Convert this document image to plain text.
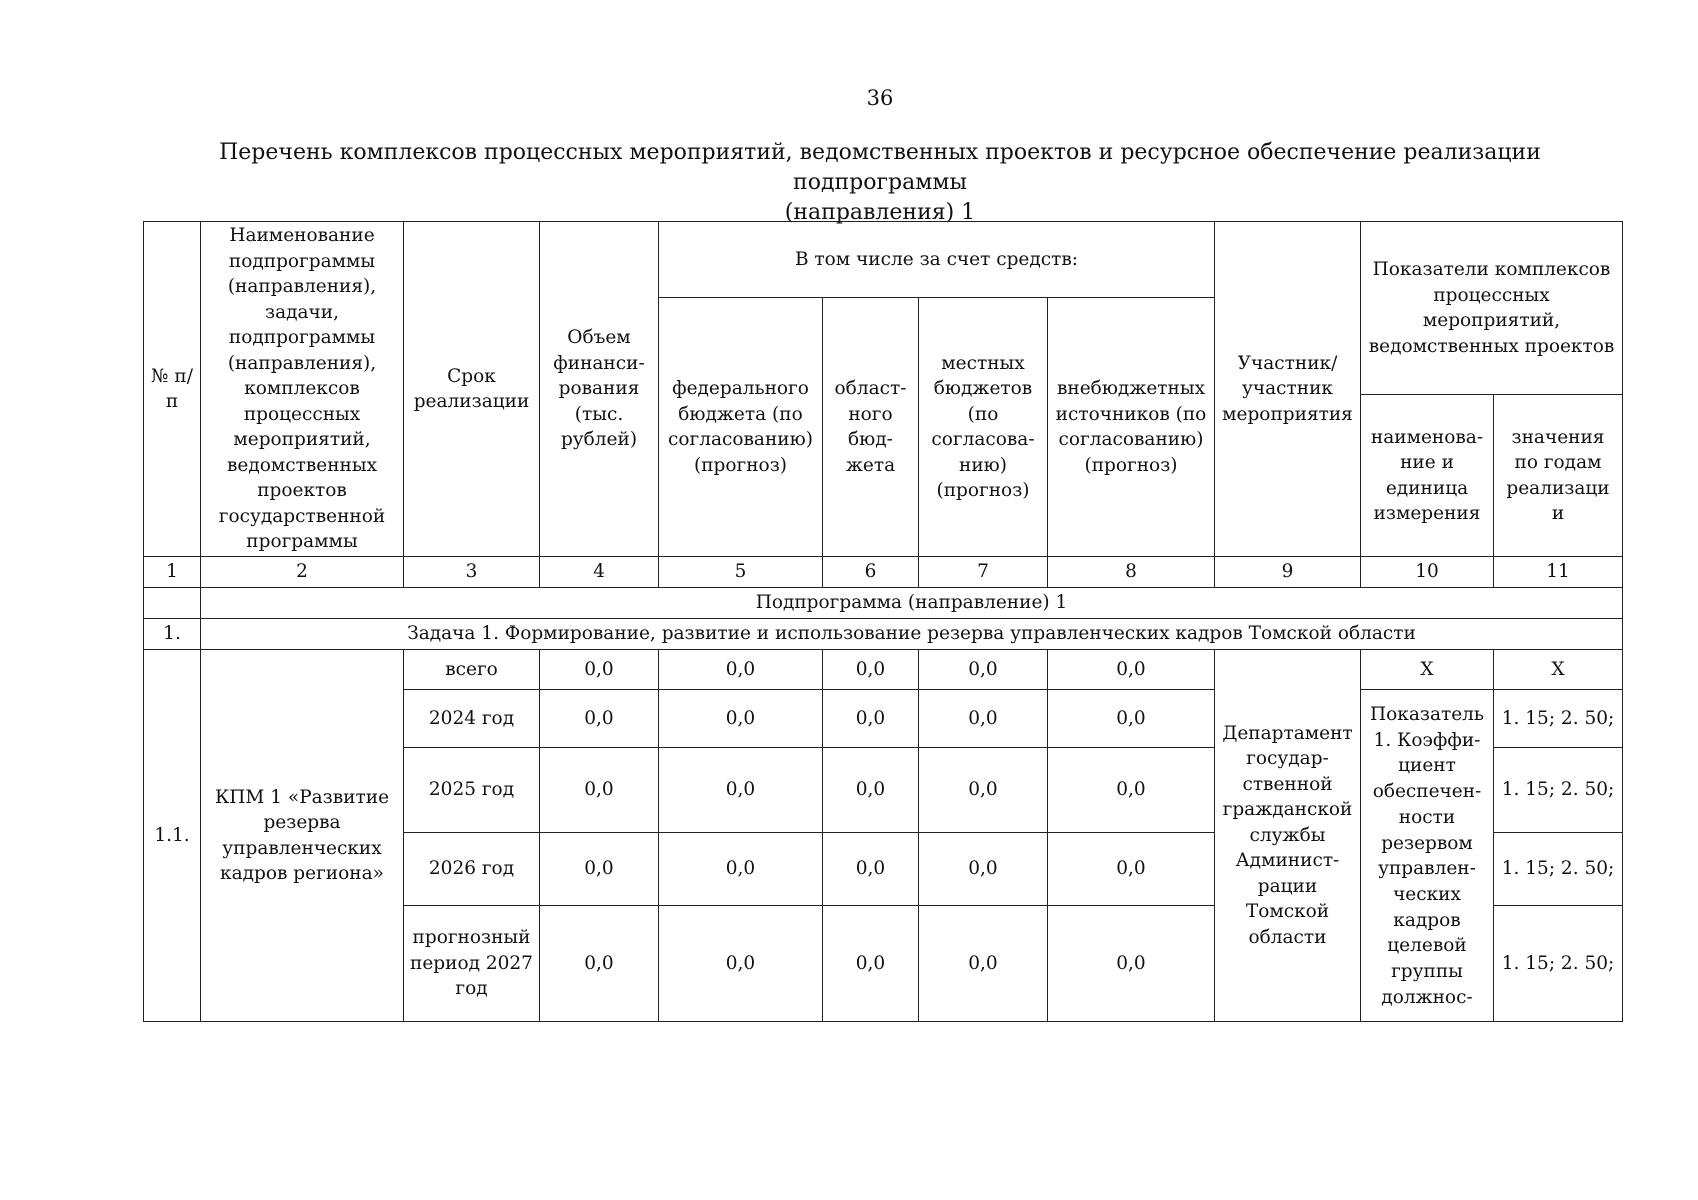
36
Перечень комплексов процессных мероприятий, ведомственных проектов и ресурсное обеспечение реализации подпрограммы
(направления) 1
№ п/п	Наименование подпрограммы (направления), задачи, подпрограммы (направления), комплексов процессных мероприятий, ведомственных проектов государственной программы	Срок реализации	Объем финанси-рования (тыс. рублей)	В том числе за счет средств:				Участник/ участник мероприятия	Показатели комплексов процессных мероприятий, ведомственных проектов	
				федерального бюджета (по согласованию) (прогноз)	област-ного бюд-жета	местных бюджетов (по согласова-нию) (прогноз)	внебюджетных источников (по согласованию) (прогноз)			
									наименова-ние и единица измерения	значения по годам реализаци и
1	2	3	4	5	6	7	8	9	10	11
	Подпрограмма (направление) 1									
1.	Задача 1. Формирование, развитие и использование резерва управленческих кадров Томской области									
1.1.	КПМ 1 «Развитие резерва управленческих кадров региона»	всего	0,0	0,0	0,0	0,0	0,0	Департамент государ-ственной гражданской службы Админист-рации Томской области	X	X
		2024 год	0,0	0,0	0,0	0,0	0,0		Показатель 1. Коэффи-циент обеспечен-ности резервом управлен-ческих кадров целевой группы должнос-	1. 15; 2. 50;
		2025 год	0,0	0,0	0,0	0,0	0,0			1. 15; 2. 50;
		2026 год	0,0	0,0	0,0	0,0	0,0			1. 15; 2. 50;
		прогнозный период 2027 год	0,0	0,0	0,0	0,0	0,0			1. 15; 2. 50;
